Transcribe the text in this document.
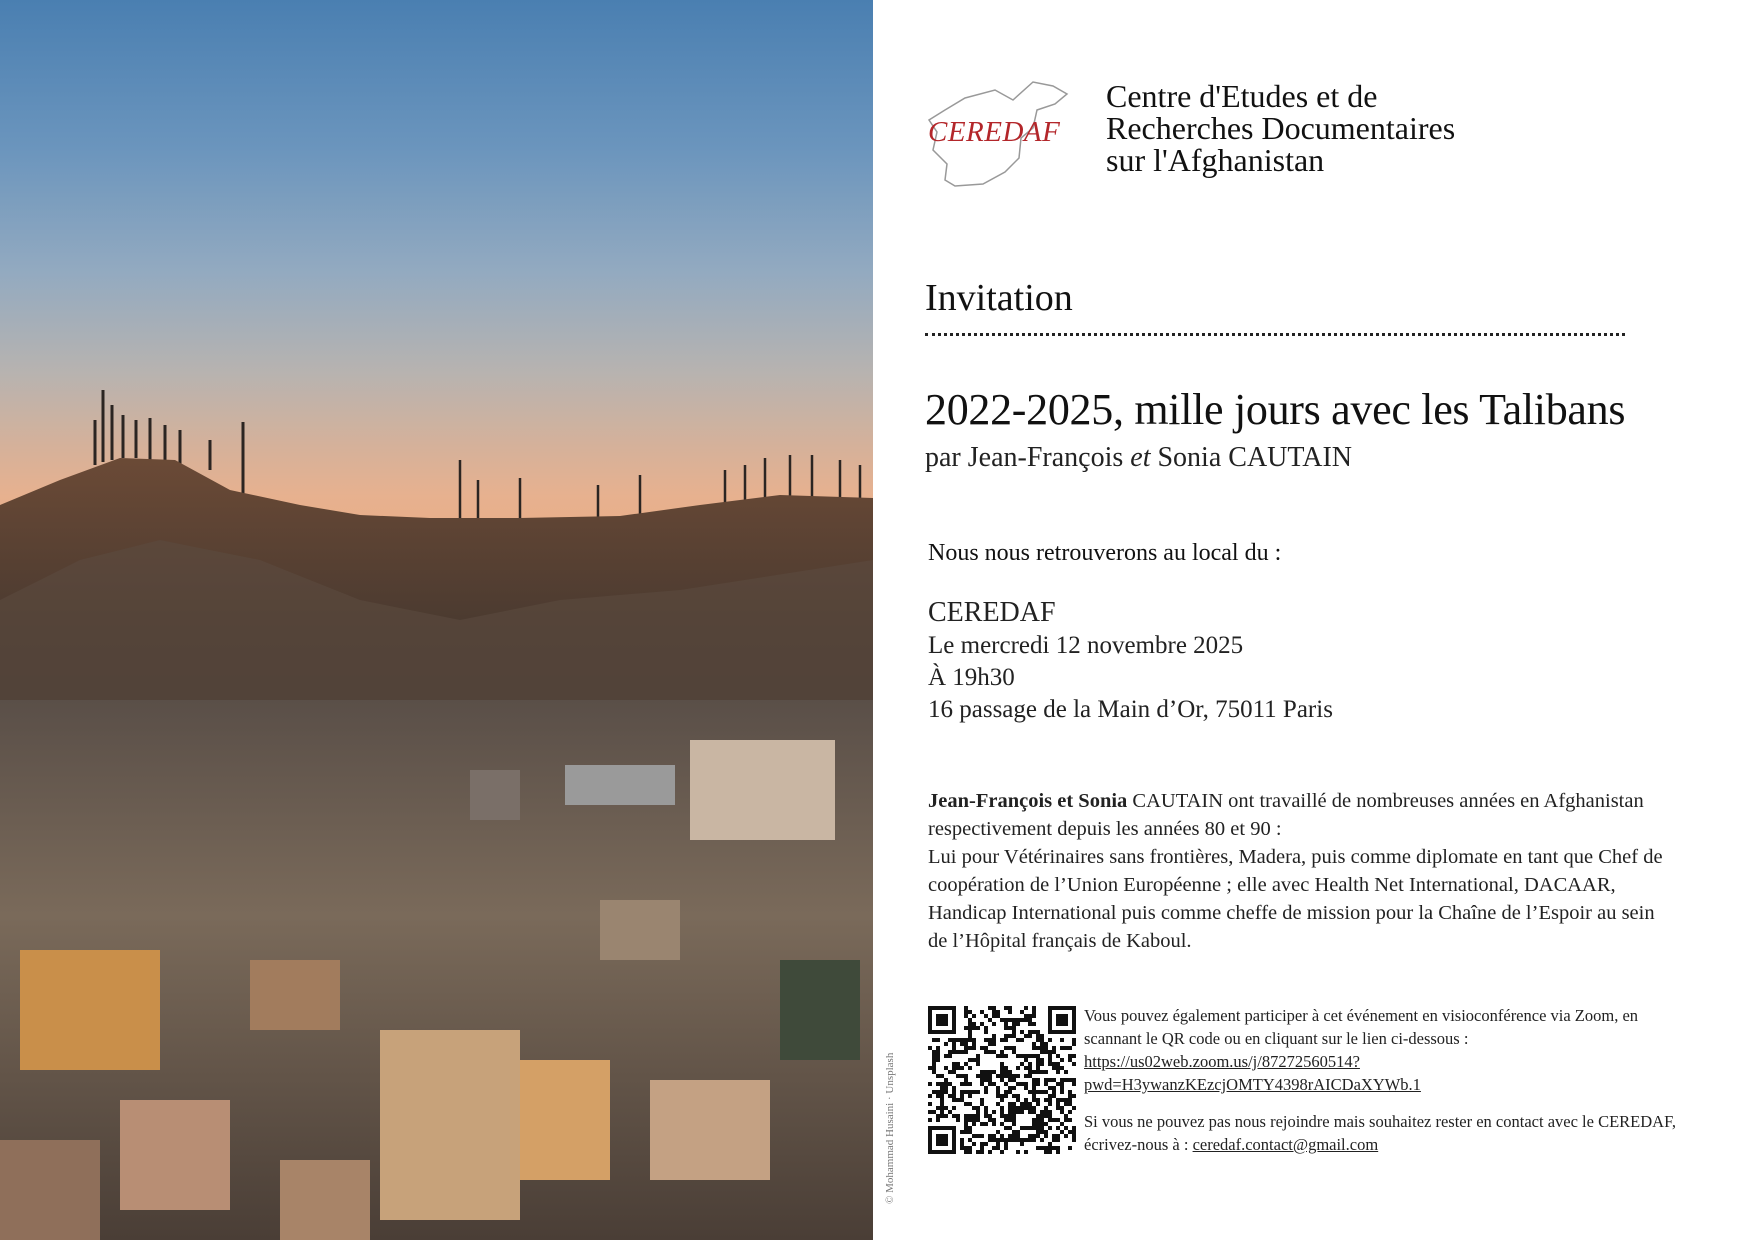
© Mohammad Husaini · Unsplash
CEREDAF
Centre d'Etudes et de
Recherches Documentaires
sur l'Afghanistan
Invitation
2022-2025, mille jours avec les Talibans
par Jean-François et Sonia CAUTAIN
Nous nous retrouverons au local du :
CEREDAF
Le mercredi 12 novembre 2025
À 19h30
16 passage de la Main d’Or, 75011 Paris
Jean-François et Sonia CAUTAIN ont travaillé de nombreuses années en Afghanistan respectivement depuis les années 80 et 90 :
Lui pour Vétérinaires sans frontières, Madera, puis comme diplomate en tant que Chef de coopération de l’Union Européenne ; elle avec Health Net International, DACAAR, Handicap International puis comme cheffe de mission pour la Chaîne de l’Espoir au sein de l’Hôpital français de Kaboul.
Vous pouvez également participer à cet événement en visioconférence via Zoom, en scannant le QR code ou en cliquant sur le lien ci-dessous :
https://us02web.zoom.us/j/87272560514?
pwd=H3ywanzKEzcjOMTY4398rAICDaXYWb.1
Si vous ne pouvez pas nous rejoindre mais souhaitez rester en contact avec le CEREDAF, écrivez-nous à : ceredaf.contact@gmail.com
